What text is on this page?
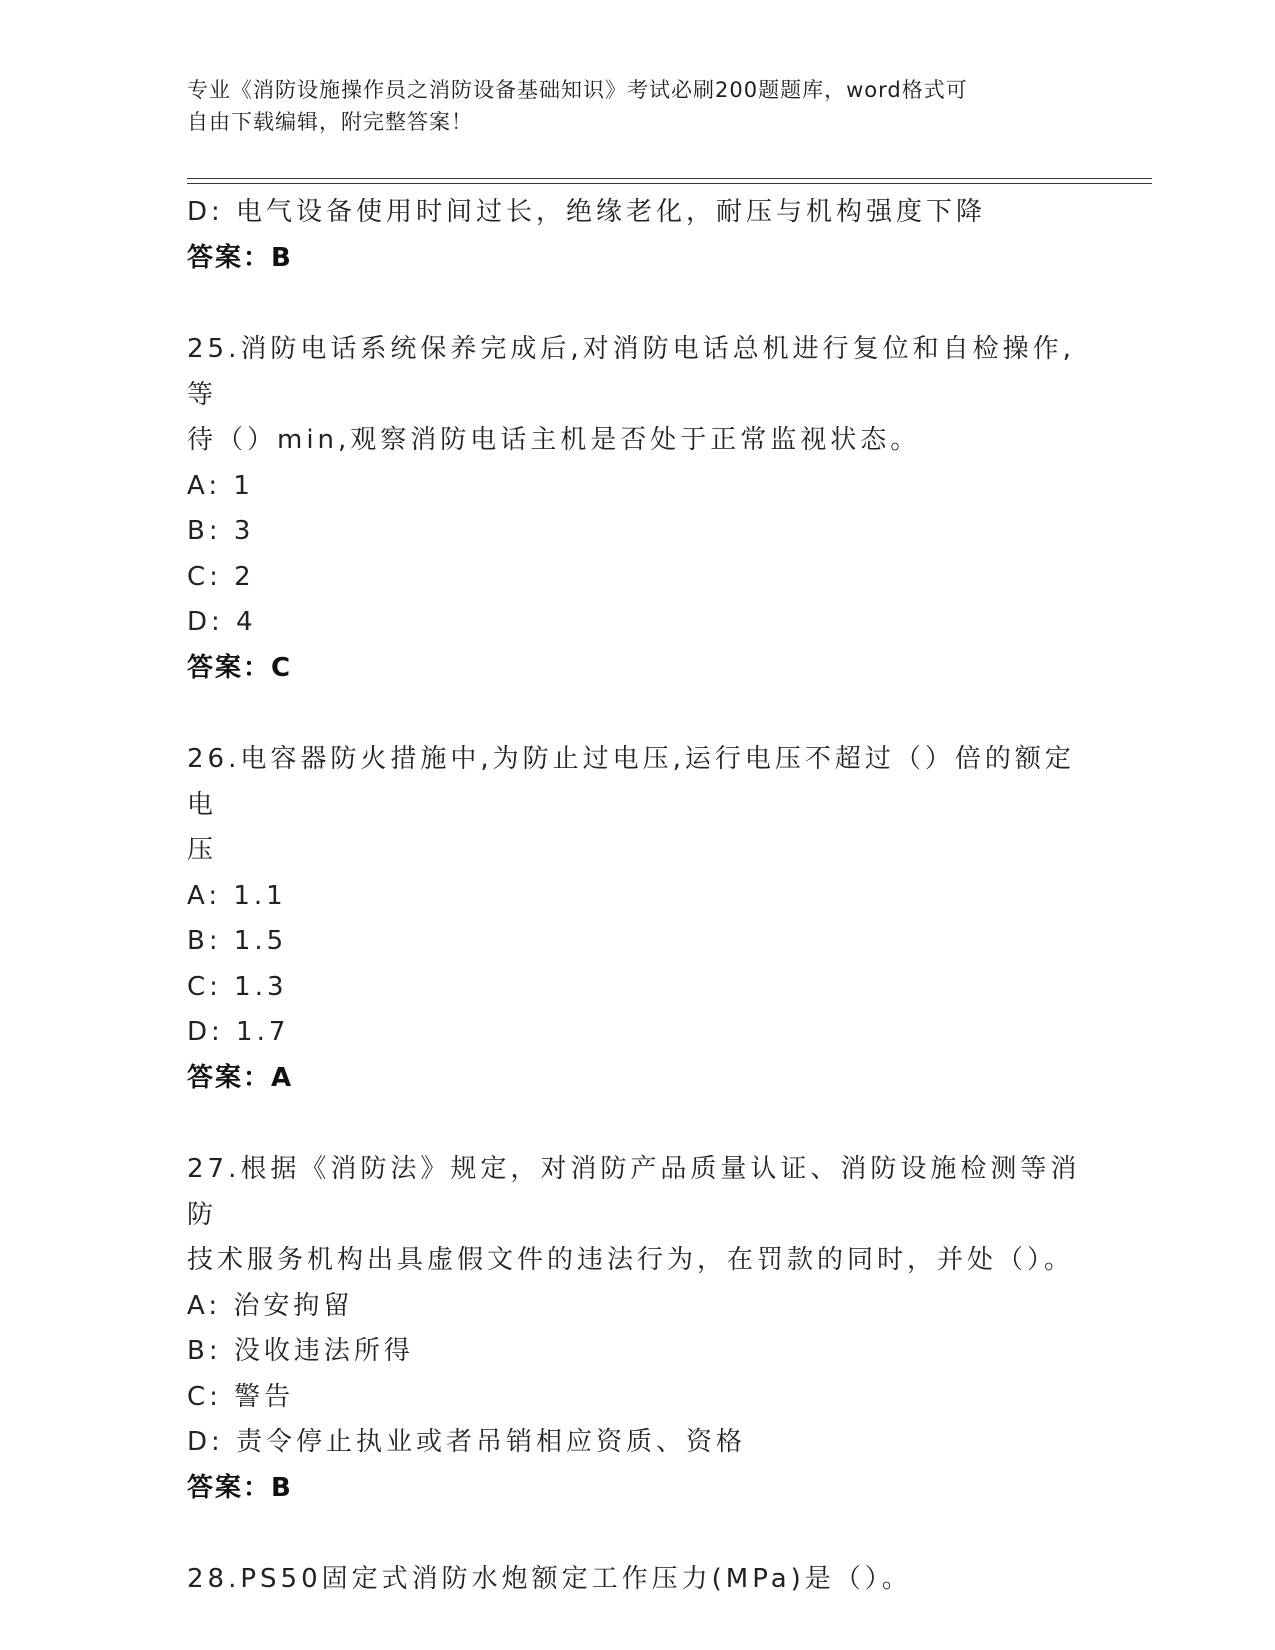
专业《消防设施操作员之消防设备基础知识》考试必刷200题题库，word格式可
自由下载编辑，附完整答案！
D: 电气设备使用时间过长，绝缘老化，耐压与机构强度下降
答案：B
25.消防电话系统保养完成后,对消防电话总机进行复位和自检操作,等
待（）min,观察消防电话主机是否处于正常监视状态。
A: 1
B: 3
C: 2
D: 4
答案：C
26.电容器防火措施中,为防止过电压,运行电压不超过（）倍的额定电
压
A: 1.1
B: 1.5
C: 1.3
D: 1.7
答案：A
27.根据《消防法》规定，对消防产品质量认证、消防设施检测等消防
技术服务机构出具虚假文件的违法行为，在罚款的同时，并处（）。
A: 治安拘留
B: 没收违法所得
C: 警告
D: 责令停止执业或者吊销相应资质、资格
答案：B
28.PS50固定式消防水炮额定工作压力(MPa)是（）。
